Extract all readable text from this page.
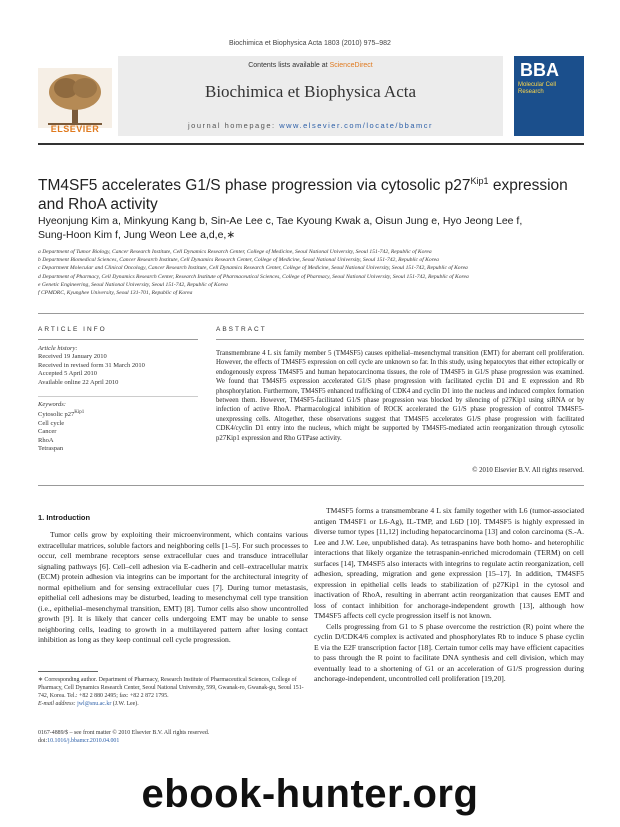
Biochimica et Biophysica Acta 1803 (2010) 975–982
Contents lists available at ScienceDirect
Biochimica et Biophysica Acta
journal homepage: www.elsevier.com/locate/bbamcr
ELSEVIER
BBA
Molecular Cell Research
TM4SF5 accelerates G1/S phase progression via cytosolic $p27^{Kip1}$ expression and RhoA activity
Hyeonjung Kim a, Minkyung Kang b, Sin-Ae Lee c, Tae Kyoung Kwak a, Oisun Jung e, Hyo Jeong Lee f,
Sung-Hoon Kim f, Jung Weon Lee a,d,e,∗
a Department of Tumor Biology, Cancer Research Institute, Cell Dynamics Research Center, College of Medicine, Seoul National University, Seoul 151-742, Republic of Korea
b Department Biomedical Sciences, Cancer Research Institute, Cell Dynamics Research Center, College of Medicine, Seoul National University, Seoul 151-742, Republic of Korea
c Department Molecular and Clinical Oncology, Cancer Research Institute, Cell Dynamics Research Center, College of Medicine, Seoul National University, Seoul 151-742, Republic of Korea
d Department of Pharmacy, Cell Dynamics Research Center, Research Institute of Pharmaceutical Sciences, College of Pharmacy, Seoul National University, Seoul 151-742, Republic of Korea
e Genetic Engineering, Seoul National University, Seoul 151-742, Republic of Korea
f CPMDRC, Kyunghee University, Seoul 131-701, Republic of Korea
ARTICLE INFO
Article history:
Received 19 January 2010
Received in revised form 31 March 2010
Accepted 5 April 2010
Available online 22 April 2010
Keywords:
Cytosolic $p27^{Kip1}$
Cell cycle
Cancer
RhoA
Tetraspan
ABSTRACT
Transmembrane 4 L six family member 5 (TM4SF5) causes epithelial–mesenchymal transition (EMT) for aberrant cell proliferation. However, the effects of TM4SF5 expression on cell cycle are unknown so far. In this study, using hepatocytes that either ectopically or endogenously express TM4SF5 and human hepatocarcinoma tissues, the role of TM4SF5 in G1/S phase progression was examined. We found that TM4SF5 expression accelerated G1/S phase progression with facilitated cyclin D1 and E expression and Rb phosphorylation. Furthermore, TM4SF5 enhanced trafficking of CDK4 and cyclin D1 into the nucleus and induced complex formation between them. However, TM4SF5-facilitated G1/S phase progression was blocked by silencing of p27Kip1 using siRNA or by infection of active RhoA. Pharmacological inhibition of ROCK accelerated the G1/S phase progression of control TM4SF5-unexpressing cells. Altogether, these observations suggest that TM4SF5 accelerates G1/S phase progression with facilitated CDK4/cyclin D1 entry into the nucleus, which might be supported by TM4SF5-mediated actin reorganization through cytosolic p27Kip1 expression and Rho GTPase activity.
© 2010 Elsevier B.V. All rights reserved.
1. Introduction

Tumor cells grow by exploiting their microenvironment, which contains various extracellular matrices, soluble factors and neighboring cells [1–5]. For such processes to occur, cell membrane receptors sense extracellular cues and transduce intracellular signaling pathways [6]. Cell–cell adhesion via E-cadherin and cell–extracellular matrix (ECM) protein adhesion via integrins can be important for the architectural integrity of normal epithelium and for sensing extracellular cues [7]. During tumor metastasis, epithelial cell adhesions may be disturbed, leading to mesenchymal cell type transition (i.e., epithelial–mesenchymal transition, EMT) [8]. Tumor cells also show uncontrolled growth [9]. It is likely that cancer cells undergoing EMT may be unable to sense neighboring cells, leading to growth in a multilayered pattern after losing contact inhibition as long as they keep continual cell cycle progression.

TM4SF5 forms a transmembrane 4 L six family together with L6 (tumor-associated antigen TM4SF1 or L6-Ag), IL-TMP, and L6D [10]. TM4SF5 is highly expressed in diverse tumor types [11,12] including hepatocarcinoma [13] and colon carcinoma (S.-A. Lee and J.W. Lee, unpublished data). As tetraspanins have both homo- and heterophilic interactions that likely organize the tetraspanin-enriched microdomain (TERM) on cell surfaces [14], TM4SF5 also interacts with integrins to regulate actin reorganization, cell adhesion, spreading, migration and gene expression [15–17]. In addition, TM4SF5 expression in epithelial cells leads to stabilization of p27Kip1 in the cytosol and inactivation of RhoA, resulting in aberrant actin reorganization that causes EMT and loss of contact inhibition for anchorage-independent growth [13], although how TM4SF5 affects cell cycle progression itself is not known.

Cells progressing from G1 to S phase overcome the restriction (R) point where the cyclin D/CDK4/6 complex is activated and phosphorylates Rb to induce S phase cyclin E via the E2F transcription factor [18]. Certain tumor cells may have efficient capacities to pass through the R point to facilitate DNA synthesis and cell division, which may eventually lead to a shortening of G1 or an acceleration of G1/S progression during anchorage-independent, uncontrolled cell proliferation [19,20].

∗ Corresponding author. Department of Pharmacy, Research Institute of Pharmaceutical Sciences, College of Pharmacy, Cell Dynamics Research Center, Seoul National University, 599, Gwanak-ro, Gwanak-gu, Seoul 151-742, Korea. Tel.: +82 2 880 2495; fax: +82 2 872 1795.
E-mail address: jwl@snu.ac.kr (J.W. Lee).
0167-4889/$ – see front matter © 2010 Elsevier B.V. All rights reserved.
doi:10.1016/j.bbamcr.2010.04.001
ebook-hunter.org
